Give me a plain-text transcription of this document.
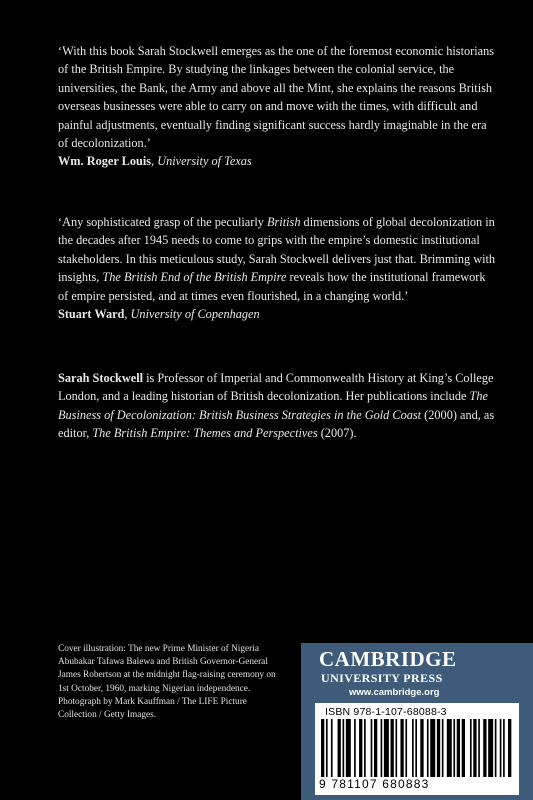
‘With this book Sarah Stockwell emerges as the one of the foremost economic historians of the British Empire. By studying the linkages between the colonial service, the universities, the Bank, the Army and above all the Mint, she explains the reasons British overseas businesses were able to carry on and move with the times, with difficult and painful adjustments, eventually finding significant success hardly imaginable in the era of decolonization.’
Wm. Roger Louis, University of Texas

‘Any sophisticated grasp of the peculiarly British dimensions of global decolonization in the decades after 1945 needs to come to grips with the empire’s domestic institutional stakeholders. In this meticulous study, Sarah Stockwell delivers just that. Brimming with insights, The British End of the British Empire reveals how the institutional framework of empire persisted, and at times even flourished, in a changing world.’
Stuart Ward, University of Copenhagen

Sarah Stockwell is Professor of Imperial and Commonwealth History at King’s College London, and a leading historian of British decolonization. Her publications include The Business of Decolonization: British Business Strategies in the Gold Coast (2000) and, as editor, The British Empire: Themes and Perspectives (2007).

Cover illustration: The new Prime Minister of Nigeria Abubakar Tafawa Balewa and British Governor-General James Robertson at the midnight flag-raising ceremony on 1st October, 1960, marking Nigerian independence. Photograph by Mark Kauffman / The LIFE Picture Collection / Getty Images.

CAMBRIDGE
UNIVERSITY PRESS
www.cambridge.org
ISBN 978-1-107-68088-3
9 781107 680883
